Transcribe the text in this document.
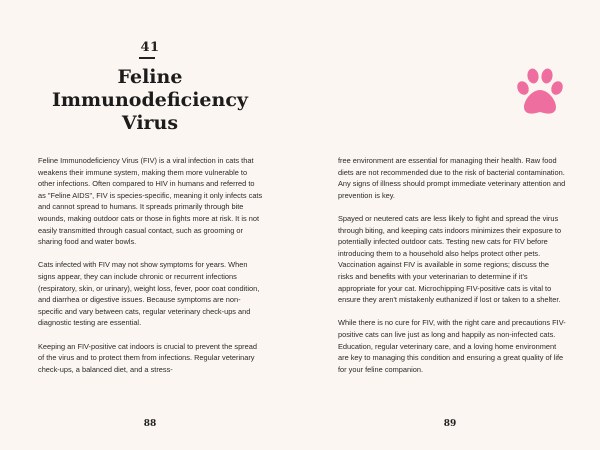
41
Feline
Immunodeficiency
Virus

Feline Immunodeficiency Virus (FIV) is a viral infection in cats that weakens their immune system, making them more vulnerable to other infections. Often compared to HIV in humans and referred to as "Feline AIDS", FIV is species-specific, meaning it only infects cats and cannot spread to humans. It spreads primarily through bite wounds, making outdoor cats or those in fights more at risk. It is not easily transmitted through casual contact, such as grooming or sharing food and water bowls.

Cats infected with FIV may not show symptoms for years. When signs appear, they can include chronic or recurrent infections (respiratory, skin, or urinary), weight loss, fever, poor coat condition, and diarrhea or digestive issues. Because symptoms are non-specific and vary between cats, regular veterinary check-ups and diagnostic testing are essential.

Keeping an FIV-positive cat indoors is crucial to prevent the spread of the virus and to protect them from infections. Regular veterinary check-ups, a balanced diet, and a stress-

88

free environment are essential for managing their health. Raw food diets are not recommended due to the risk of bacterial contamination. Any signs of illness should prompt immediate veterinary attention and prevention is key.

Spayed or neutered cats are less likely to fight and spread the virus through biting, and keeping cats indoors minimizes their exposure to potentially infected outdoor cats. Testing new cats for FIV before introducing them to a household also helps protect other pets. Vaccination against FIV is available in some regions; discuss the risks and benefits with your veterinarian to determine if it's appropriate for your cat. Microchipping FIV-positive cats is vital to ensure they aren't mistakenly euthanized if lost or taken to a shelter.

While there is no cure for FIV, with the right care and precautions FIV-positive cats can live just as long and happily as non-infected cats. Education, regular veterinary care, and a loving home environment are key to managing this condition and ensuring a great quality of life for your feline companion.

89
